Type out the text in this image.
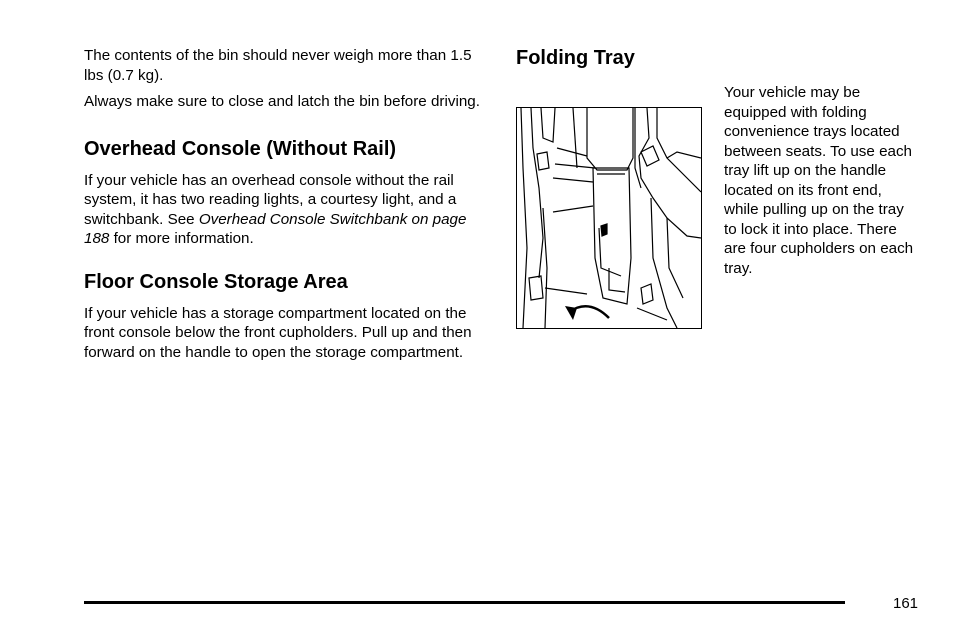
The contents of the bin should never weigh more than 1.5 lbs (0.7 kg).

Always make sure to close and latch the bin before driving.

Overhead Console (Without Rail)

If your vehicle has an overhead console without the rail system, it has two reading lights, a courtesy light, and a switchbank. See Overhead Console Switchbank on page 188 for more information.

Floor Console Storage Area

If your vehicle has a storage compartment located on the front console below the front cupholders. Pull up and then forward on the handle to open the storage compartment.

Folding Tray

Your vehicle may be equipped with folding convenience trays located between seats. To use each tray lift up on the handle located on its front end, while pulling up on the tray to lock it into place. There are four cupholders on each tray.

161
